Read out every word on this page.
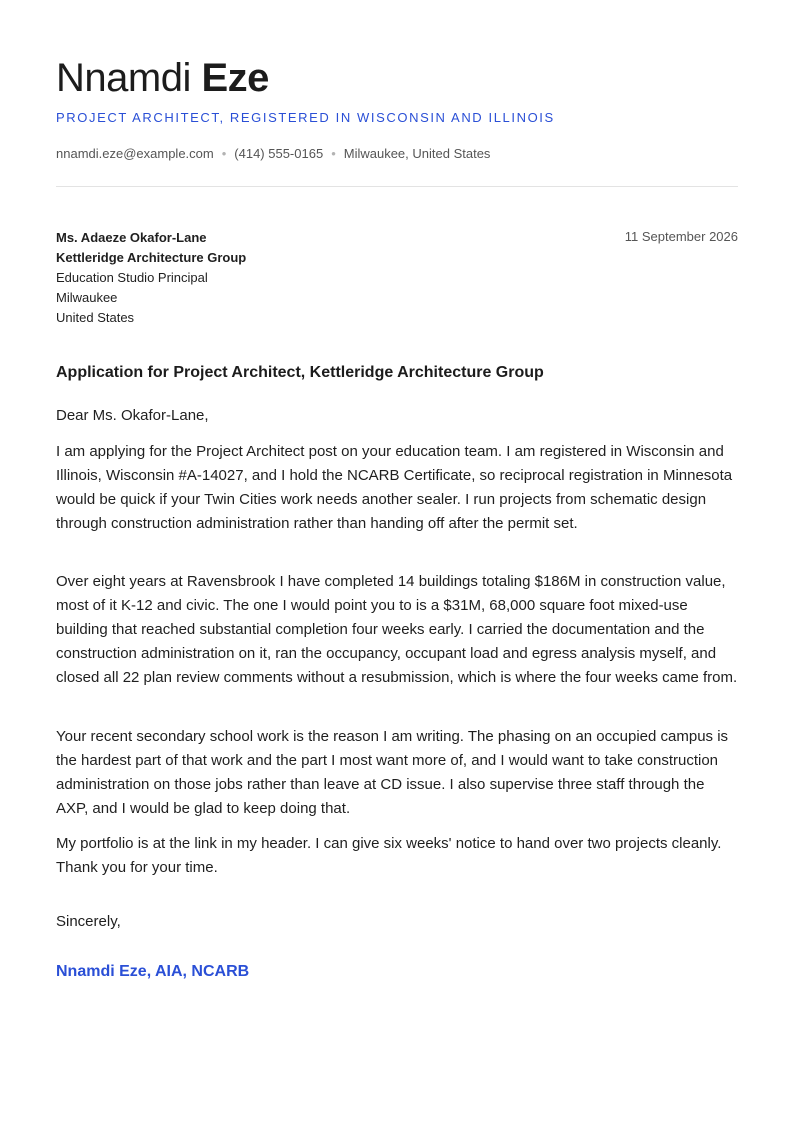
Nnamdi Eze
PROJECT ARCHITECT, REGISTERED IN WISCONSIN AND ILLINOIS
nnamdi.eze@example.com • (414) 555-0165 • Milwaukee, United States
Ms. Adaeze Okafor-Lane
Kettleridge Architecture Group
Education Studio Principal
Milwaukee
United States
11 September 2026
Application for Project Architect, Kettleridge Architecture Group
Dear Ms. Okafor-Lane,

I am applying for the Project Architect post on your education team. I am registered in Wisconsin and Illinois, Wisconsin #A-14027, and I hold the NCARB Certificate, so reciprocal registration in Minnesota would be quick if your Twin Cities work needs another sealer. I run projects from schematic design through construction administration rather than handing off after the permit set.

Over eight years at Ravensbrook I have completed 14 buildings totaling $186M in construction value, most of it K-12 and civic. The one I would point you to is a $31M, 68,000 square foot mixed-use building that reached substantial completion four weeks early. I carried the documentation and the construction administration on it, ran the occupancy, occupant load and egress analysis myself, and closed all 22 plan review comments without a resubmission, which is where the four weeks came from.

Your recent secondary school work is the reason I am writing. The phasing on an occupied campus is the hardest part of that work and the part I most want more of, and I would want to take construction administration on those jobs rather than leave at CD issue. I also supervise three staff through the AXP, and I would be glad to keep doing that.

My portfolio is at the link in my header. I can give six weeks' notice to hand over two projects cleanly. Thank you for your time.

Sincerely,
Nnamdi Eze, AIA, NCARB
